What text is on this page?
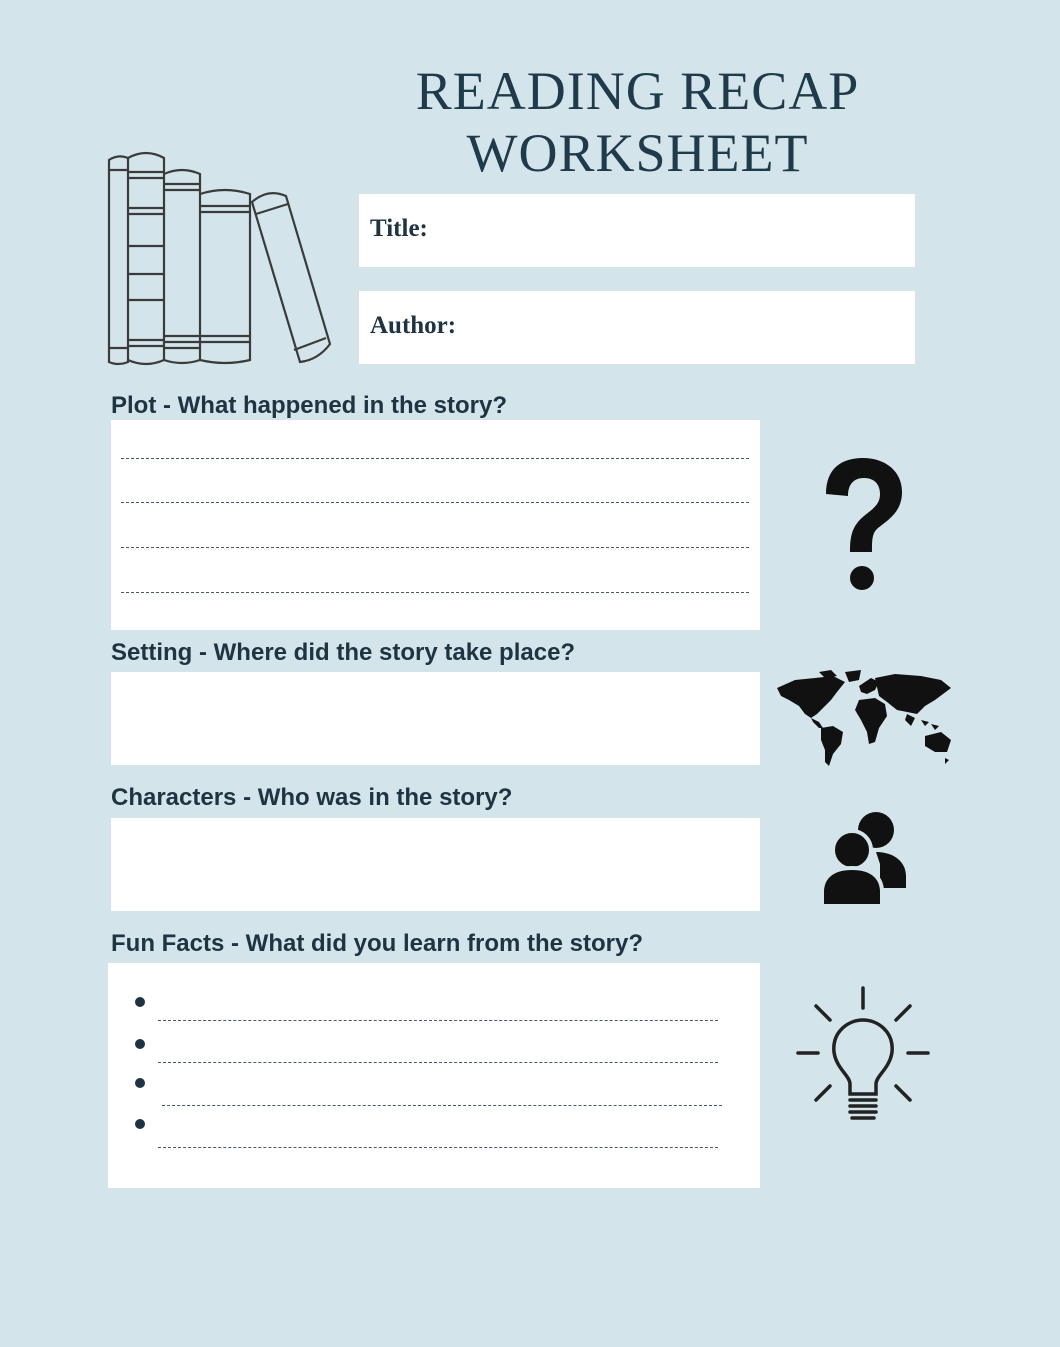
READING RECAP
WORKSHEET
Title:
Author:
Plot - What happened in the story?
Setting - Where did the story take place?
Characters - Who was in the story?
Fun Facts - What did you learn from the story?
